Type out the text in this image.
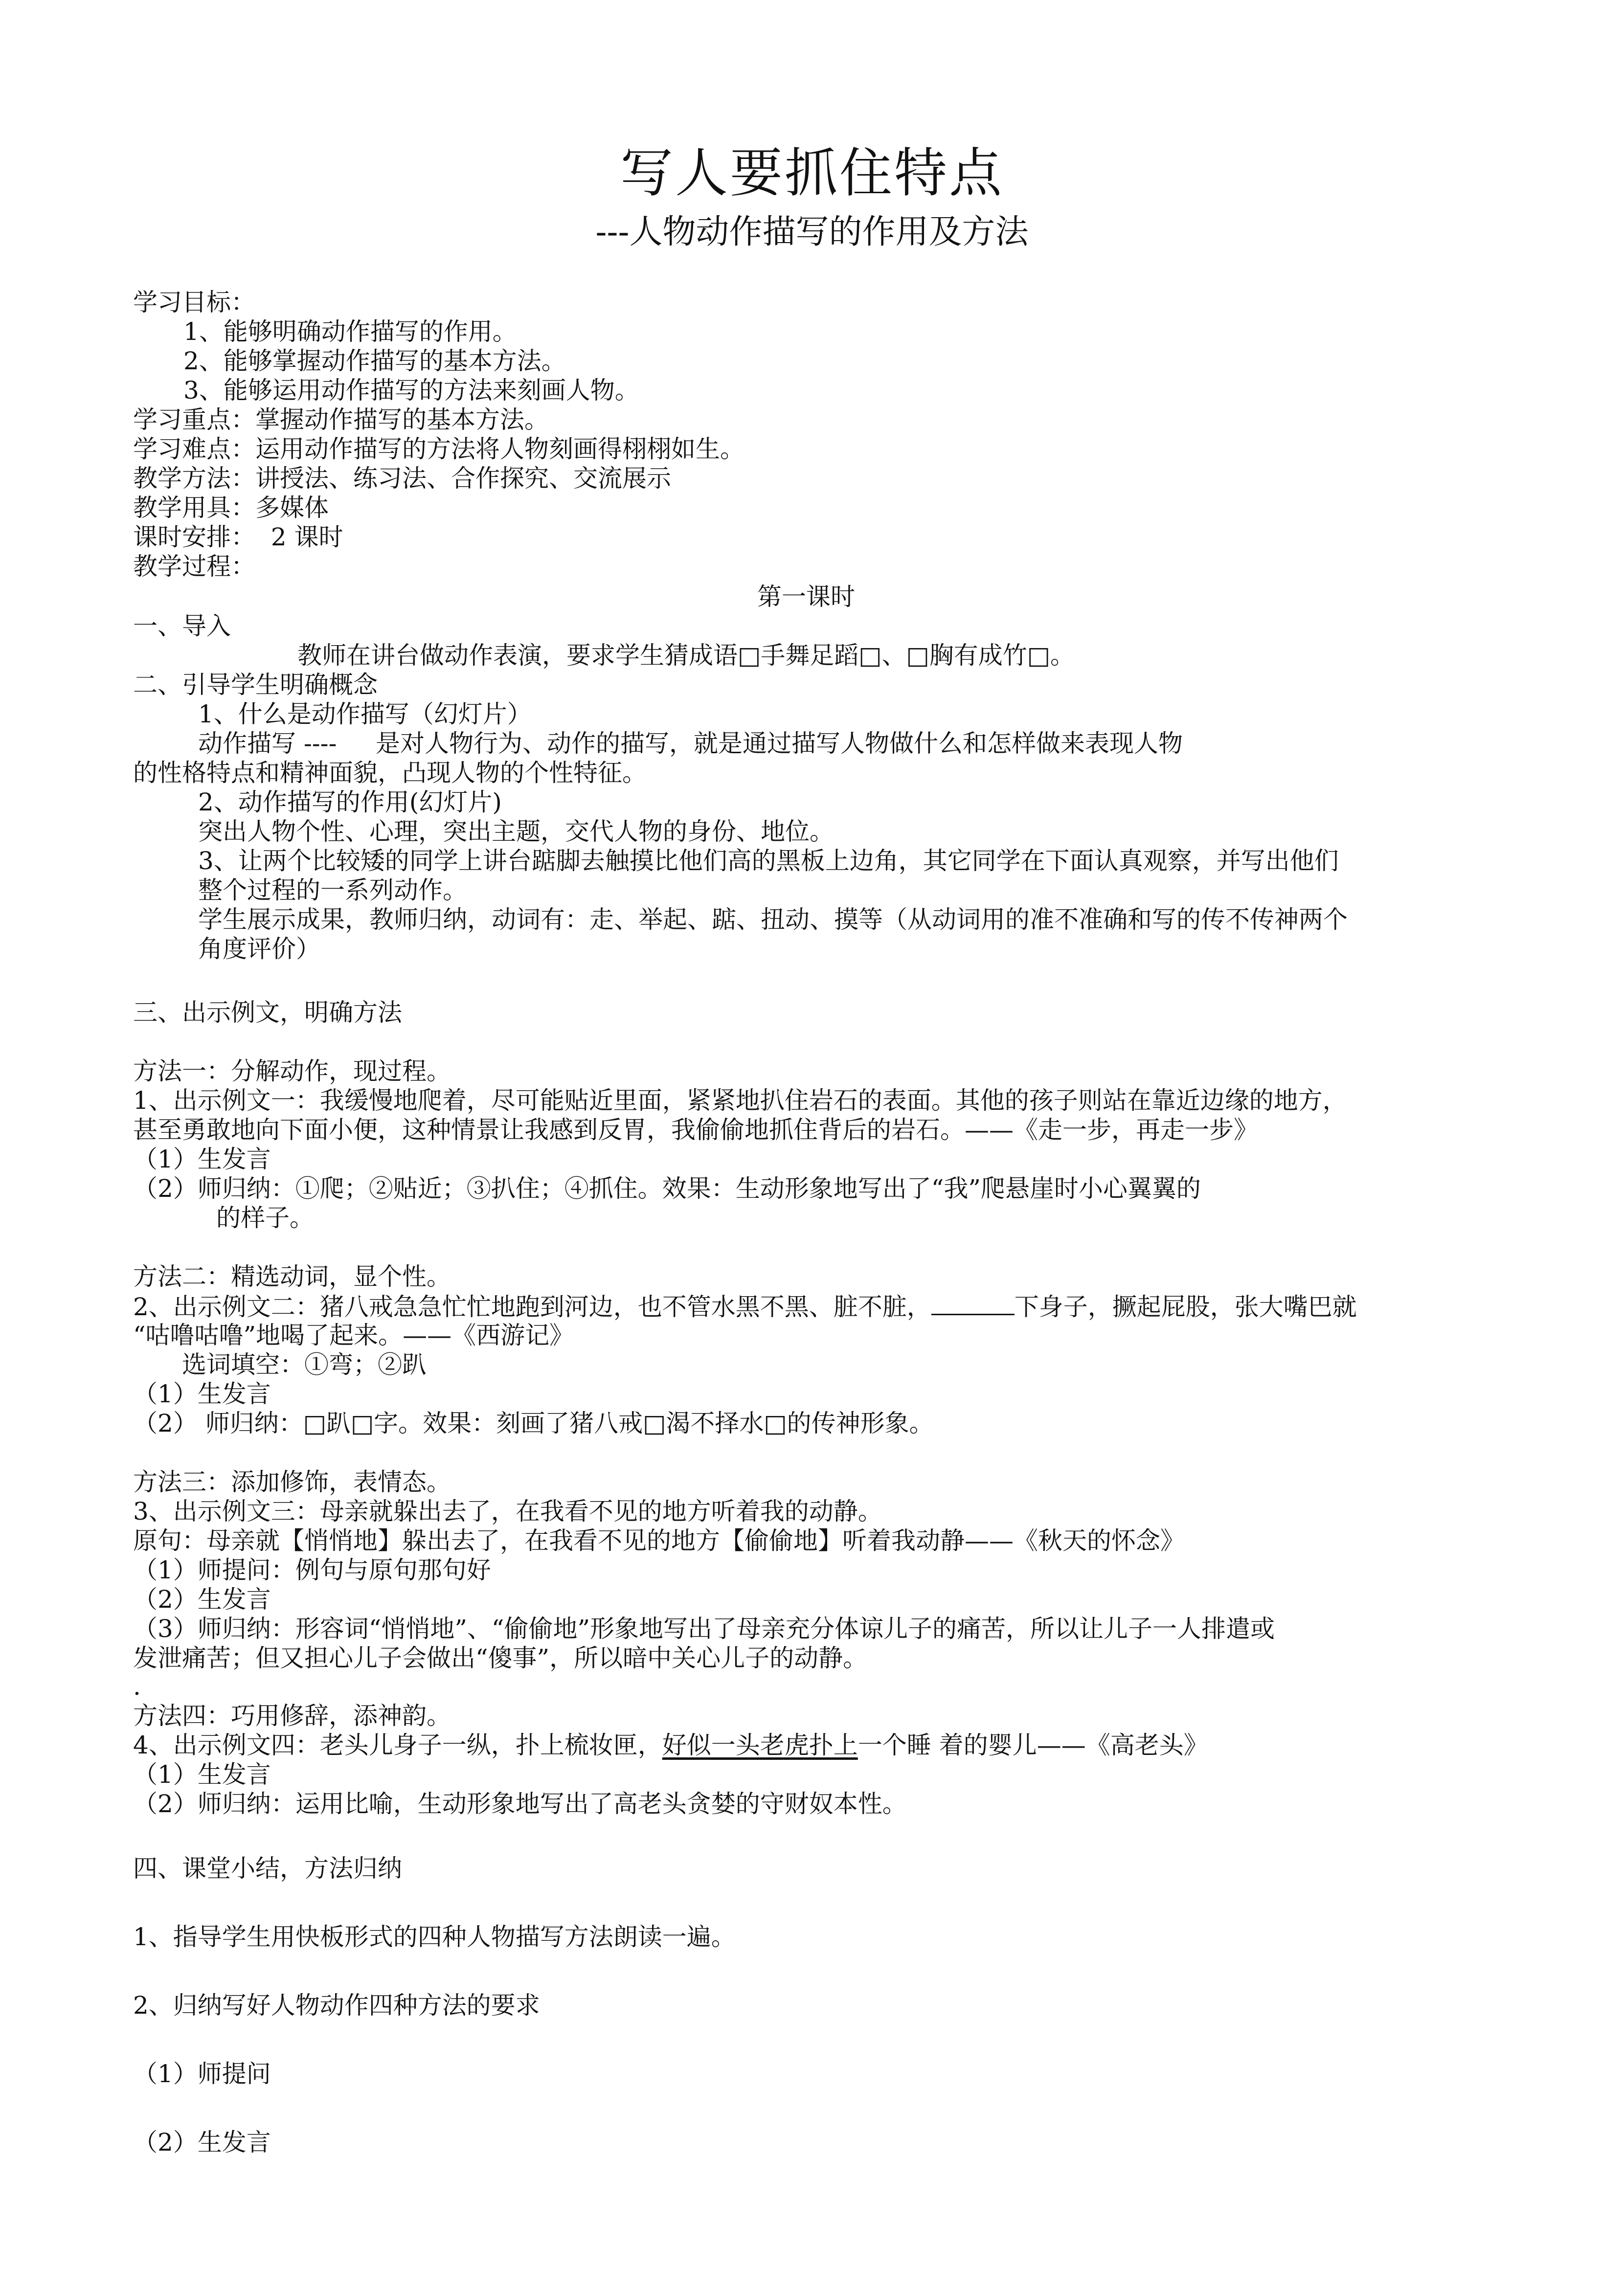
写人要抓住特点
---人物动作描写的作用及方法
学习目标：
1、能够明确动作描写的作用。
2、能够掌握动作描写的基本方法。
3、能够运用动作描写的方法来刻画人物。
学习重点：掌握动作描写的基本方法。
学习难点：运用动作描写的方法将人物刻画得栩栩如生。
教学方法：讲授法、练习法、合作探究、交流展示
教学用具：多媒体
课时安排：  2 课时
教学过程：
第一课时
一、导入
教师在讲台做动作表演，要求学生猜成语□手舞足蹈□、□胸有成竹□。
二、引导学生明确概念
1、什么是动作描写（幻灯片）
动作描写 ----     是对人物行为、动作的描写，就是通过描写人物做什么和怎样做来表现人物
的性格特点和精神面貌，凸现人物的个性特征。
2、动作描写的作用(幻灯片)
突出人物个性、心理，突出主题，交代人物的身份、地位。
3、让两个比较矮的同学上讲台踮脚去触摸比他们高的黑板上边角，其它同学在下面认真观察，并写出他们
整个过程的一系列动作。
学生展示成果，教师归纳，动词有：走、举起、踮、扭动、摸等（从动词用的准不准确和写的传不传神两个
角度评价）
三、出示例文，明确方法
方法一：分解动作，现过程。
1、出示例文一：我缓慢地爬着，尽可能贴近里面，紧紧地扒住岩石的表面。其他的孩子则站在靠近边缘的地方，
甚至勇敢地向下面小便，这种情景让我感到反胃，我偷偷地抓住背后的岩石。——《走一步，再走一步》
（1）生发言
（2）师归纳：①爬；②贴近；③扒住；④抓住。效果：生动形象地写出了“我”爬悬崖时小心翼翼的
的样子。
方法二：精选动词，显个性。
2、出示例文二：猪八戒急急忙忙地跑到河边，也不管水黑不黑、脏不脏，	下身子，撅起屁股，张大嘴巴就
“咕噜咕噜”地喝了起来。——《西游记》
选词填空：①弯；②趴
（1）生发言
（2） 师归纳：□趴□字。效果：刻画了猪八戒□渴不择水□的传神形象。
方法三：添加修饰，表情态。
3、出示例文三：母亲就躲出去了，在我看不见的地方听着我的动静。
原句：母亲就【悄悄地】躲出去了，在我看不见的地方【偷偷地】听着我动静——《秋天的怀念》
（1）师提问：例句与原句那句好
（2）生发言
（3）师归纳：形容词“悄悄地”、“偷偷地”形象地写出了母亲充分体谅儿子的痛苦，所以让儿子一人排遣或
发泄痛苦；但又担心儿子会做出“傻事”，所以暗中关心儿子的动静。
.
方法四：巧用修辞，添神韵。
4、出示例文四：老头儿身子一纵，扑上梳妆匣，好似一头老虎扑上一个睡 着的婴儿——《高老头》
（1）生发言
（2）师归纳：运用比喻，生动形象地写出了高老头贪婪的守财奴本性。
四、课堂小结，方法归纳
1、指导学生用快板形式的四种人物描写方法朗读一遍。
2、归纳写好人物动作四种方法的要求
（1）师提问
（2）生发言
